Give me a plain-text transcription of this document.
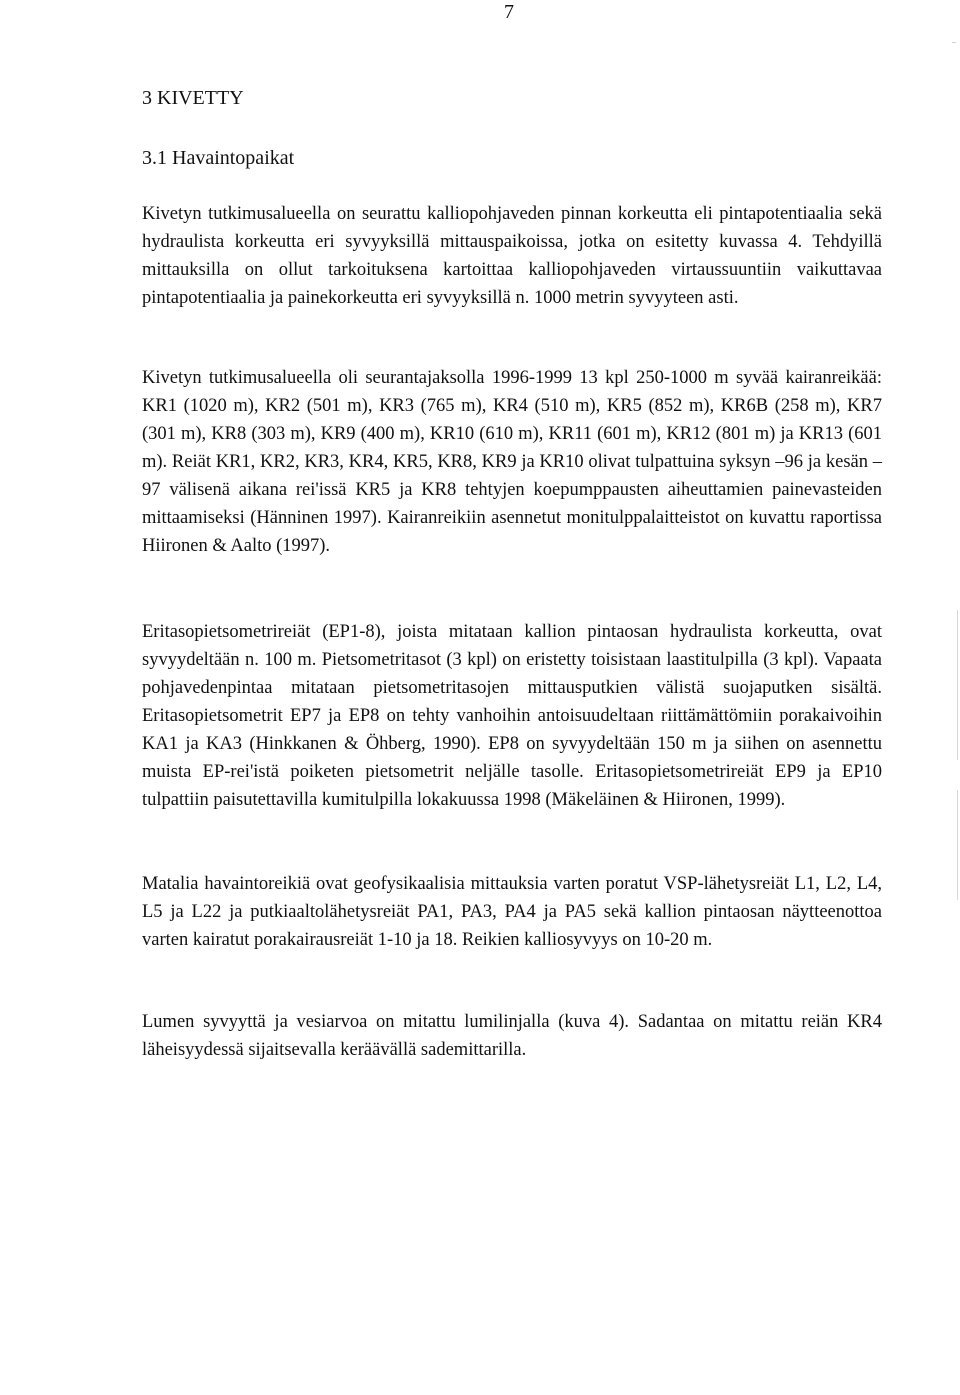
7
3 KIVETTY
3.1 Havaintopaikat

Kivetyn tutkimusalueella on seurattu kalliopohjaveden pinnan korkeutta eli pintapotentiaalia sekä hydraulista korkeutta eri syvyyksillä mittauspaikoissa, jotka on esitetty kuvassa 4. Tehdyillä mittauksilla on ollut tarkoituksena kartoittaa kalliopohjaveden virtaussuuntiin vaikuttavaa pintapotentiaalia ja painekorkeutta eri syvyyksillä n. 1000 metrin syvyyteen asti.

Kivetyn tutkimusalueella oli seurantajaksolla 1996-1999 13 kpl 250-1000 m syvää kairanreikää: KR1 (1020 m), KR2 (501 m), KR3 (765 m), KR4 (510 m), KR5 (852 m), KR6B (258 m), KR7 (301 m), KR8 (303 m), KR9 (400 m), KR10 (610 m), KR11 (601 m), KR12 (801 m) ja KR13 (601 m). Reiät KR1, KR2, KR3, KR4, KR5, KR8, KR9 ja KR10 olivat tulpattuina syksyn –96 ja kesän –97 välisenä aikana rei'issä KR5 ja KR8 tehtyjen koepumppausten aiheuttamien painevasteiden mittaamiseksi (Hänninen 1997). Kairanreikiin asennetut monitulppalaitteistot on kuvattu raportissa Hiironen & Aalto (1997).

Eritasopietsometrireiät (EP1-8), joista mitataan kallion pintaosan hydraulista korkeutta, ovat syvyydeltään n. 100 m. Pietsometritasot (3 kpl) on eristetty toisistaan laastitulpilla (3 kpl). Vapaata pohjavedenpintaa mitataan pietsometritasojen mittausputkien välistä suojaputken sisältä. Eritasopietsometrit EP7 ja EP8 on tehty vanhoihin antoisuudeltaan riittämättömiin porakaivoihin KA1 ja KA3 (Hinkkanen & Öhberg, 1990). EP8 on syvyydeltään 150 m ja siihen on asennettu muista EP-rei'istä poiketen pietsometrit neljälle tasolle. Eritasopietsometrireiät EP9 ja EP10 tulpattiin paisutettavilla kumitulpilla lokakuussa 1998 (Mäkeläinen & Hiironen, 1999).

Matalia havaintoreikiä ovat geofysikaalisia mittauksia varten poratut VSP-lähetysreiät L1, L2, L4, L5 ja L22 ja putkiaaltolähetysreiät PA1, PA3, PA4 ja PA5 sekä kallion pintaosan näytteenottoa varten kairatut porakairausreiät 1-10 ja 18. Reikien kalliosyvyys on 10-20 m.

Lumen syvyyttä ja vesiarvoa on mitattu lumilinjalla (kuva 4). Sadantaa on mitattu reiän KR4 läheisyydessä sijaitsevalla keräävällä sademittarilla.
